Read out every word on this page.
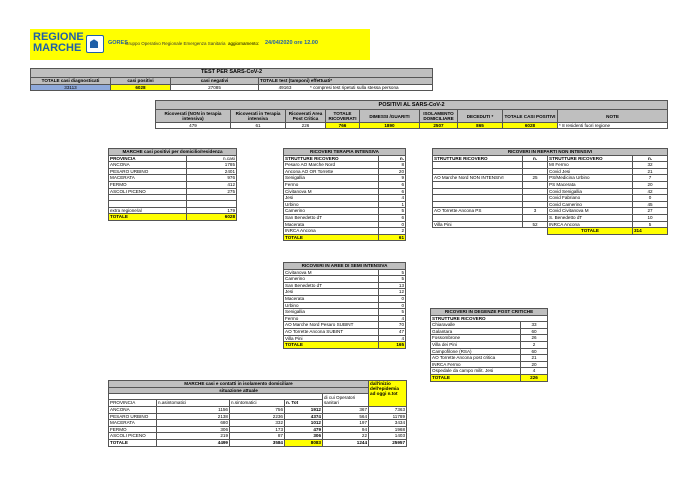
REGIONE
MARCHE	GORES
Gruppo Operativo Regionale Emergenza Sanitaria aggiornamento: 24/04/2020 ore 12.00
TEST PER SARS-CoV-2			
TOTALE casi diagnosticati	casi positivi	casi negativi	TOTALE test (tamponi) effettuati*
33113	6028	27085	49163 * compresi test ripetuti sulla stessa persona
POSITIVI AL SARS-CoV-2								
Ricoverati (NON in terapia intensiva)	Ricoverati in Terapia intensiva	Ricoverati Area Post Critica	TOTALE RICOVERATI	DIMESSI /GUARITI	ISOLAMENTO DOMICILIARE	DECEDUTI *	TOTALE CASI POSITIVI	NOTE
479	61	226	766	1890	2507	865	6028	* 8 residenti fuori regione
MARCHE casi positivi per domicilio/residenza	
PROVINCIA	n.casi
ANCONA	1785
PESARO URBINO	2401
MACERATA	976
FERMO	412
ASCOLI PICENO	275

extra regione/al	179
TOTALE	6028
RICOVERI TERAPIA INTENSIVA	
STRUTTURE RICOVERO	n.
Pesaro AO Marche Nord	8
Ancona AO OR Torrette	20
Senigallia	9
Fermo	6
Civitanova M	6
Jesi	4
Urbino	1
Camerino	5
San Benedetto dT	6
Macerata	0
INRCA Ancona	2
TOTALE	61
RICOVERI IN AREE DI SEMI INTENSIVA	
Civitanova M	5
Camerino	5
San Benedetto dT	13
Jesi	12
Macerata	0
Urbino	0
Senigallia	5
Fermo	4
AO Marche Nord Pesaro SUBINT	70
AO Torrette Ancona SUBINT	47
Villa Pini	4
TOTALE	165
RICOVERI IN REPARTI NON INTENSIVI			
STRUTTURE RICOVERO	n.	STRUTTURE RICOVERO	n.
		MI Fermo	32
		Covid Jesi	21
AO Marche Nord NON INTENSIVI	25	PS/Medicina Urbino	7
		PS Macerata	20
		Covid Senigallia	42
		Covid Fabriano	0
		Covid Camerino	45
AO Torrette Ancona PS	3	Covid Civitanova M	27
		S. Benedetto dT	10
Villa Pini	52	INRCA Ancona	5
		TOTALE	314
RICOVERI IN DEGENZE POST CRITICHE	
STRUTTURE RICOVERO	
Chiaravalle	33
Galantara	60
Fossombrone	26
Villa dei Pini	2
Campofilone (RSA)	60
AO Torrette Ancona post critica	21
INRCA Fermo	20
Ospedale da campo milit. Jesi	4
TOTALE	226
MARCHE casi e contatti in isolamento domiciliare					dall'inizio dell'epidemia ad oggi n.tot
situazione attuale					
				di cui Operatori sanitari	
PROVINCIA	n.asintomatici	n.sintomatici	n. Tot		
ANCONA	1156	756	1912	367	7363
PESARO URBINO	2138	2236	4374	564	11789
MACERATA	680	332	1012	197	3434
FERMO	306	173	479	94	1968
ASCOLI PICENO	219	87	306	22	1403
TOTALE	4499	3584	8083	1244	25957
